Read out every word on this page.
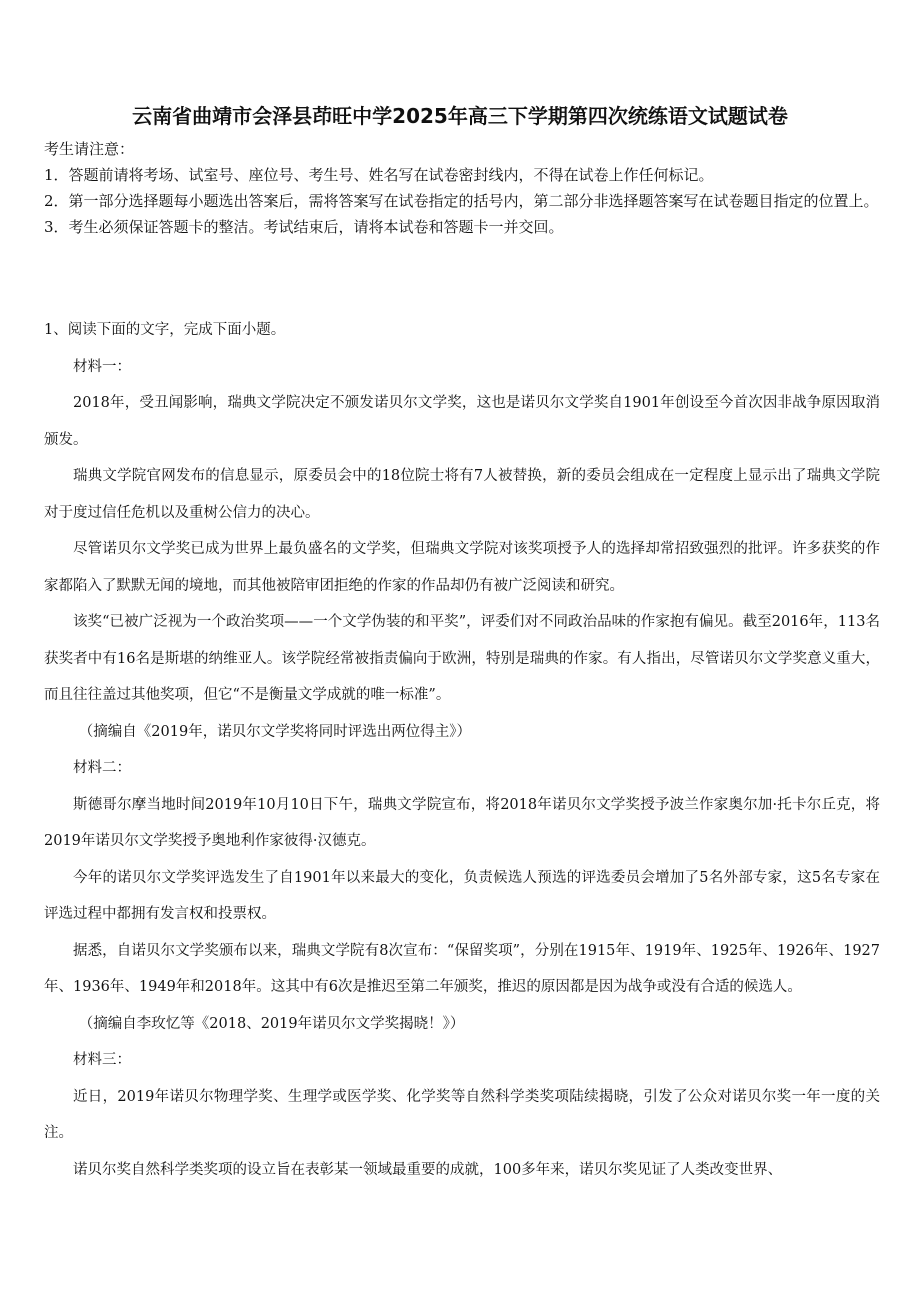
云南省曲靖市会泽县茚旺中学2025年高三下学期第四次统练语文试题试卷
考生请注意：
1．答题前请将考场、试室号、座位号、考生号、姓名写在试卷密封线内，不得在试卷上作任何标记。
2．第一部分选择题每小题选出答案后，需将答案写在试卷指定的括号内，第二部分非选择题答案写在试卷题目指定的位置上。
3．考生必须保证答题卡的整洁。考试结束后，请将本试卷和答题卡一并交回。

1、阅读下面的文字，完成下面小题。

材料一：

2018年，受丑闻影响，瑞典文学院决定不颁发诺贝尔文学奖，这也是诺贝尔文学奖自1901年创设至今首次因非战争原因取消颁发。

瑞典文学院官网发布的信息显示，原委员会中的18位院士将有7人被替换，新的委员会组成在一定程度上显示出了瑞典文学院对于度过信任危机以及重树公信力的决心。

尽管诺贝尔文学奖已成为世界上最负盛名的文学奖，但瑞典文学院对该奖项授予人的选择却常招致强烈的批评。许多获奖的作家都陷入了默默无闻的境地，而其他被陪审团拒绝的作家的作品却仍有被广泛阅读和研究。

该奖“已被广泛视为一个政治奖项——一个文学伪装的和平奖”，评委们对不同政治品味的作家抱有偏见。截至2016年，113名获奖者中有16名是斯堪的纳维亚人。该学院经常被指责偏向于欧洲，特别是瑞典的作家。有人指出，尽管诺贝尔文学奖意义重大，而且往往盖过其他奖项，但它“不是衡量文学成就的唯一标准”。

（摘编自《2019年，诺贝尔文学奖将同时评选出两位得主》）

材料二：

斯德哥尔摩当地时间2019年10月10日下午，瑞典文学院宣布，将2018年诺贝尔文学奖授予波兰作家奥尔加·托卡尔丘克，将2019年诺贝尔文学奖授予奥地利作家彼得·汉德克。

今年的诺贝尔文学奖评选发生了自1901年以来最大的变化，负责候选人预选的评选委员会增加了5名外部专家，这5名专家在评选过程中都拥有发言权和投票权。

据悉，自诺贝尔文学奖颁布以来，瑞典文学院有8次宣布：“保留奖项”，分别在1915年、1919年、1925年、1926年、1927年、1936年、1949年和2018年。这其中有6次是推迟至第二年颁奖，推迟的原因都是因为战争或没有合适的候选人。

（摘编自李玫忆等《2018、2019年诺贝尔文学奖揭晓！》）

材料三：

近日，2019年诺贝尔物理学奖、生理学或医学奖、化学奖等自然科学类奖项陆续揭晓，引发了公众对诺贝尔奖一年一度的关注。

诺贝尔奖自然科学类奖项的设立旨在表彰某一领域最重要的成就，100多年来，诺贝尔奖见证了人类改变世界、
